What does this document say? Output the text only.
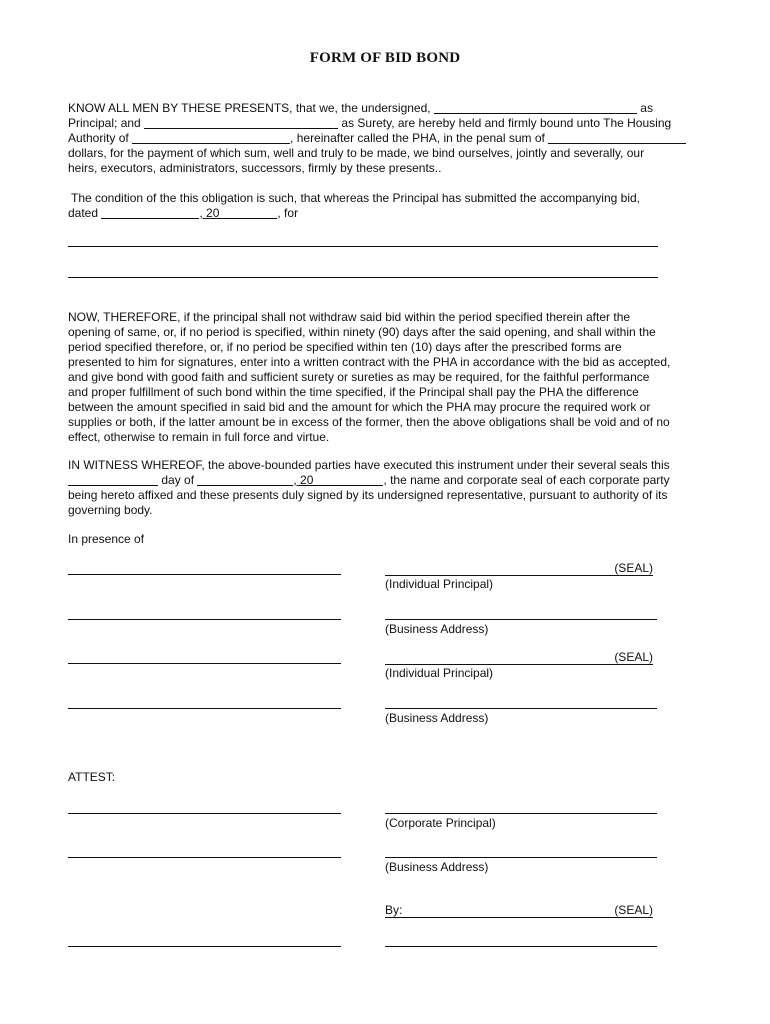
FORM OF BID BOND
KNOW ALL MEN BY THESE PRESENTS, that we, the undersigned,	as
Principal; and	as Surety, are hereby held and firmly bound unto The Housing
Authority of	, hereinafter called the PHA, in the penal sum of
dollars, for the payment of which sum, well and truly to be made, we bind ourselves, jointly and severally, our
heirs, executors, administrators, successors, firmly by these presents..
The condition of the this obligation is such, that whereas the Principal has submitted the accompanying bid,
dated	, 20	, for
NOW, THEREFORE, if the principal shall not withdraw said bid within the period specified therein after the
opening of same, or, if no period is specified, within ninety (90) days after the said opening, and shall within the
period specified therefore, or, if no period be specified within ten (10) days after the prescribed forms are
presented to him for signatures, enter into a written contract with the PHA in accordance with the bid as accepted,
and give bond with good faith and sufficient surety or sureties as may be required, for the faithful performance
and proper fulfillment of such bond within the time specified, if the Principal shall pay the PHA the difference
between the amount specified in said bid and the amount for which the PHA may procure the required work or
supplies or both, if the latter amount be in excess of the former, then the above obligations shall be void and of no
effect, otherwise to remain in full force and virtue.
IN WITNESS WHEREOF, the above-bounded parties have executed this instrument under their several seals this
day of	, 20	, the name and corporate seal of each corporate party
being hereto affixed and these presents duly signed by its undersigned representative, pursuant to authority of its
governing body.
In presence of
(SEAL)
(Individual Principal)
(Business Address)
(SEAL)
(Individual Principal)
(Business Address)
ATTEST:
(Corporate Principal)
(Business Address)
By:	(SEAL)
